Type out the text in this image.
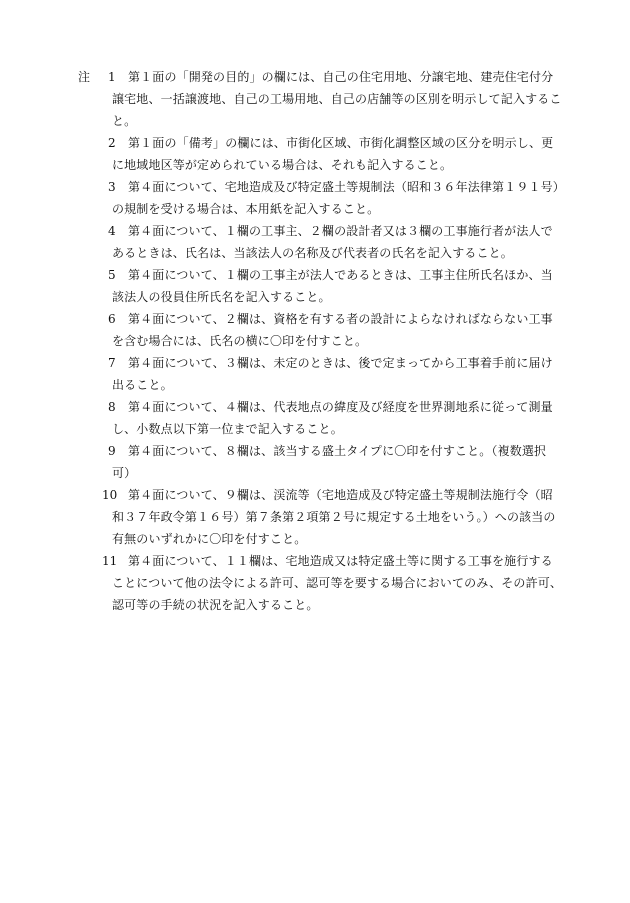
注 1	第１面の「開発の目的」の欄には、自己の住宅用地、分譲宅地、建売住宅付分譲宅地、一括譲渡地、自己の工場用地、自己の店舗等の区別を明示して記入すること。
2	第１面の「備考」の欄には、市街化区域、市街化調整区域の区分を明示し、更に地域地区等が定められている場合は、それも記入すること。
3	第４面について、宅地造成及び特定盛土等規制法（昭和３６年法律第１９１号）の規制を受ける場合は、本用紙を記入すること。
4	第４面について、１欄の工事主、２欄の設計者又は３欄の工事施行者が法人であるときは、氏名は、当該法人の名称及び代表者の氏名を記入すること。
5	第４面について、１欄の工事主が法人であるときは、工事主住所氏名ほか、当該法人の役員住所氏名を記入すること。
6	第４面について、２欄は、資格を有する者の設計によらなければならない工事を含む場合には、氏名の横に〇印を付すこと。
7	第４面について、３欄は、未定のときは、後で定まってから工事着手前に届け出ること。
8	第４面について、４欄は、代表地点の緯度及び経度を世界測地系に従って測量し、小数点以下第一位まで記入すること。
9	第４面について、８欄は、該当する盛土タイプに〇印を付すこと。（複数選択可）
10 第４面について、９欄は、渓流等（宅地造成及び特定盛土等規制法施行令（昭和３７年政令第１６号）第７条第２項第２号に規定する土地をいう。）への該当の有無のいずれかに〇印を付すこと。
11 第４面について、１１欄は、宅地造成又は特定盛土等に関する工事を施行することについて他の法令による許可、認可等を要する場合においてのみ、その許可、認可等の手続の状況を記入すること。
